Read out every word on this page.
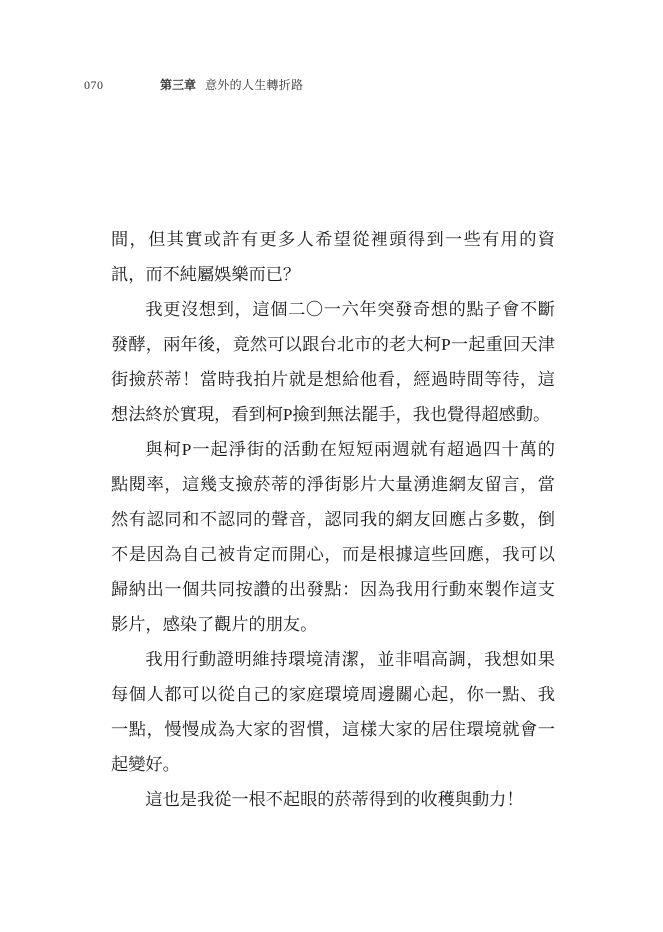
070	第三章 意外的人生轉折路
間，但其實或許有更多人希望從裡頭得到一些有用的資
訊，而不純屬娛樂而已？
我更沒想到，這個二〇一六年突發奇想的點子會不斷
發酵，兩年後，竟然可以跟台北市的老大柯P一起重回天津
街撿菸蒂！當時我拍片就是想給他看，經過時間等待，這
想法終於實現，看到柯P撿到無法罷手，我也覺得超感動。
與柯P一起淨街的活動在短短兩週就有超過四十萬的
點閱率，這幾支撿菸蒂的淨街影片大量湧進網友留言，當
然有認同和不認同的聲音，認同我的網友回應占多數，倒
不是因為自己被肯定而開心，而是根據這些回應，我可以
歸納出一個共同按讚的出發點：因為我用行動來製作這支
影片，感染了觀片的朋友。
我用行動證明維持環境清潔，並非唱高調，我想如果
每個人都可以從自己的家庭環境周邊關心起，你一點、我
一點，慢慢成為大家的習慣，這樣大家的居住環境就會一
起變好。
這也是我從一根不起眼的菸蒂得到的收穫與動力！
